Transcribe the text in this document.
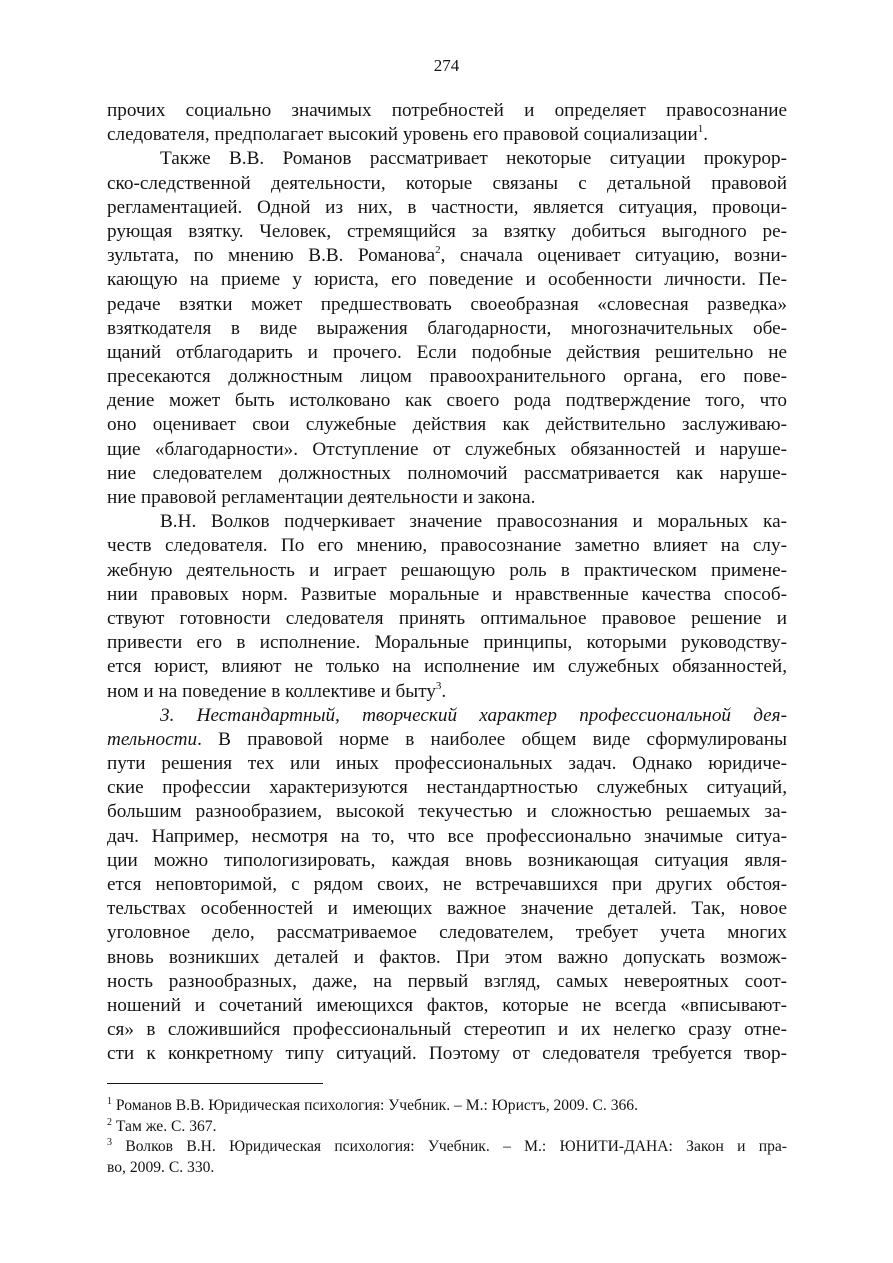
274
прочих социально значимых потребностей и определяет правосознание
следователя, предполагает высокий уровень его правовой социализации$^1$.
Также В.В. Романов рассматривает некоторые ситуации прокурор-
ско-следственной деятельности, которые связаны с детальной правовой
регламентацией. Одной из них, в частности, является ситуация, провоци-
рующая взятку. Человек, стремящийся за взятку добиться выгодного ре-
зультата, по мнению В.В. Романова$^2$, сначала оценивает ситуацию, возни-
кающую на приеме у юриста, его поведение и особенности личности. Пе-
редаче взятки может предшествовать своеобразная «словесная разведка»
взяткодателя в виде выражения благодарности, многозначительных обе-
щаний отблагодарить и прочего. Если подобные действия решительно не
пресекаются должностным лицом правоохранительного органа, его пове-
дение может быть истолковано как своего рода подтверждение того, что
оно оценивает свои служебные действия как действительно заслуживаю-
щие «благодарности». Отступление от служебных обязанностей и наруше-
ние следователем должностных полномочий рассматривается как наруше-
ние правовой регламентации деятельности и закона.
В.Н. Волков подчеркивает значение правосознания и моральных ка-
честв следователя. По его мнению, правосознание заметно влияет на слу-
жебную деятельность и играет решающую роль в практическом примене-
нии правовых норм. Развитые моральные и нравственные качества способ-
ствуют готовности следователя принять оптимальное правовое решение и
привести его в исполнение. Моральные принципы, которыми руководству-
ется юрист, влияют не только на исполнение им служебных обязанностей,
ном и на поведение в коллективе и быту$^3$.
3. Нестандартный, творческий характер профессиональной дея-
тельности. В правовой норме в наиболее общем виде сформулированы
пути решения тех или иных профессиональных задач. Однако юридиче-
ские профессии характеризуются нестандартностью служебных ситуаций,
большим разнообразием, высокой текучестью и сложностью решаемых за-
дач. Например, несмотря на то, что все профессионально значимые ситуа-
ции можно типологизировать, каждая вновь возникающая ситуация явля-
ется неповторимой, с рядом своих, не встречавшихся при других обстоя-
тельствах особенностей и имеющих важное значение деталей. Так, новое
уголовное дело, рассматриваемое следователем, требует учета многих
вновь возникших деталей и фактов. При этом важно допускать возмож-
ность разнообразных, даже, на первый взгляд, самых невероятных соот-
ношений и сочетаний имеющихся фактов, которые не всегда «вписывают-
ся» в сложившийся профессиональный стереотип и их нелегко сразу отне-
сти к конкретному типу ситуаций. Поэтому от следователя требуется твор-
$^1$ Романов В.В. Юридическая психология: Учебник. – М.: Юристъ, 2009. С. 366.
$^2$ Там же. С. 367.
$^3$ Волков В.Н. Юридическая психология: Учебник. – М.: ЮНИТИ-ДАНА: Закон и пра-
во, 2009. С. 330.
